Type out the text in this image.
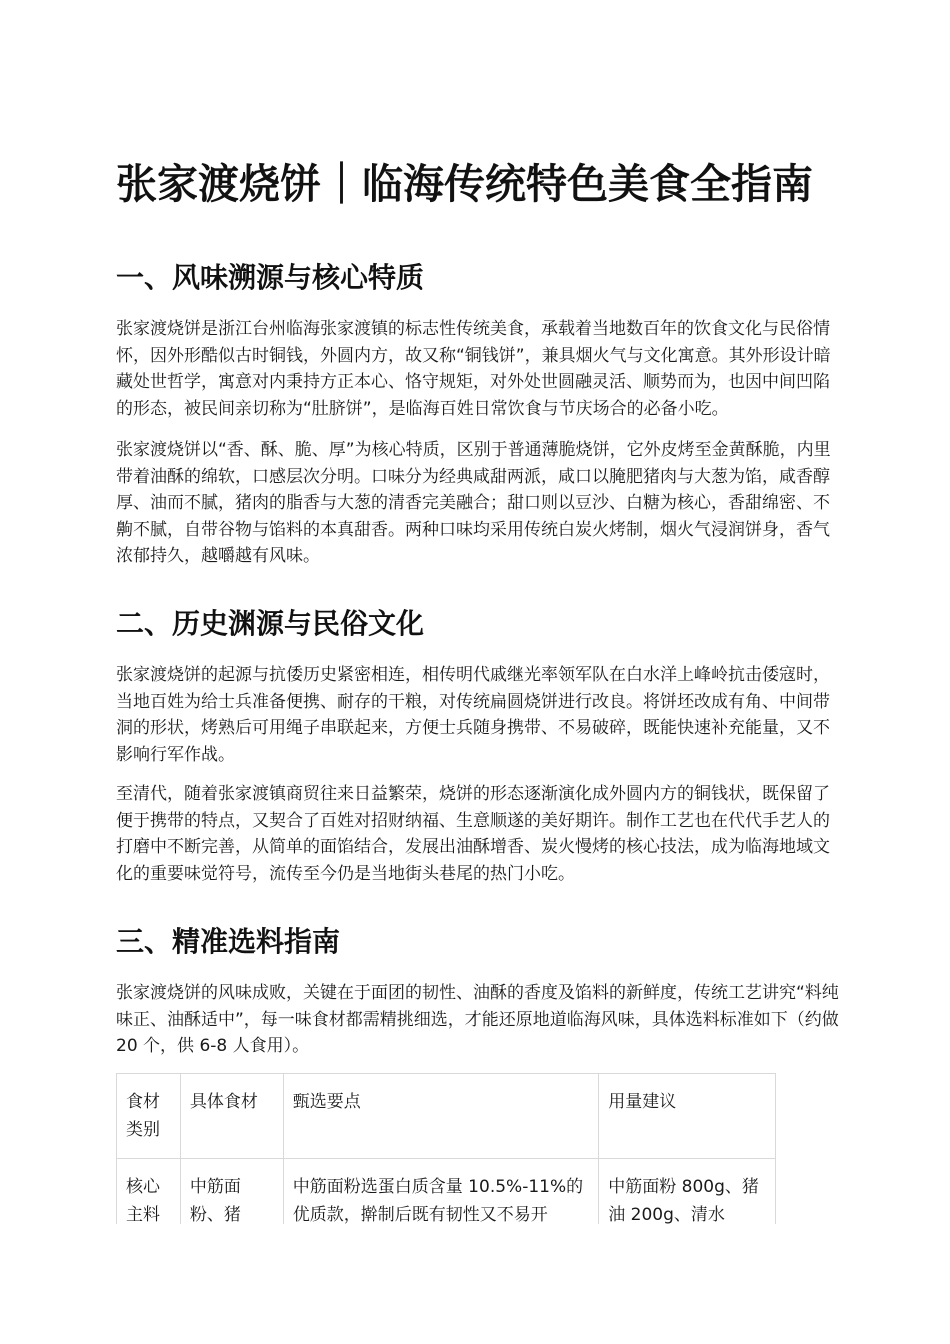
张家渡烧饼｜临海传统特色美食全指南
一、风味溯源与核心特质

张家渡烧饼是浙江台州临海张家渡镇的标志性传统美食，承载着当地数百年的饮食文化与民俗情怀，因外形酷似古时铜钱，外圆内方，故又称“铜钱饼”，兼具烟火气与文化寓意。其外形设计暗藏处世哲学，寓意对内秉持方正本心、恪守规矩，对外处世圆融灵活、顺势而为，也因中间凹陷的形态，被民间亲切称为“肚脐饼”，是临海百姓日常饮食与节庆场合的必备小吃。

张家渡烧饼以“香、酥、脆、厚”为核心特质，区别于普通薄脆烧饼，它外皮烤至金黄酥脆，内里带着油酥的绵软，口感层次分明。口味分为经典咸甜两派，咸口以腌肥猪肉与大葱为馅，咸香醇厚、油而不腻，猪肉的脂香与大葱的清香完美融合；甜口则以豆沙、白糖为核心，香甜绵密、不齁不腻，自带谷物与馅料的本真甜香。两种口味均采用传统白炭火烤制，烟火气浸润饼身，香气浓郁持久，越嚼越有风味。

二、历史渊源与民俗文化

张家渡烧饼的起源与抗倭历史紧密相连，相传明代戚继光率领军队在白水洋上峰岭抗击倭寇时，当地百姓为给士兵准备便携、耐存的干粮，对传统扁圆烧饼进行改良。将饼坯改成有角、中间带洞的形状，烤熟后可用绳子串联起来，方便士兵随身携带、不易破碎，既能快速补充能量，又不影响行军作战。

至清代，随着张家渡镇商贸往来日益繁荣，烧饼的形态逐渐演化成外圆内方的铜钱状，既保留了便于携带的特点，又契合了百姓对招财纳福、生意顺遂的美好期许。制作工艺也在代代手艺人的打磨中不断完善，从简单的面馅结合，发展出油酥增香、炭火慢烤的核心技法，成为临海地域文化的重要味觉符号，流传至今仍是当地街头巷尾的热门小吃。

三、精准选料指南

张家渡烧饼的风味成败，关键在于面团的韧性、油酥的香度及馅料的新鲜度，传统工艺讲究“料纯味正、油酥适中”，每一味食材都需精挑细选，才能还原地道临海风味，具体选料标准如下（约做 20 个，供 6-8 人食用）。

食材类别	具体食材	甄选要点	用量建议
核心主料	中筋面粉、猪	中筋面粉选蛋白质含量 10.5%-11%的优质款，擀制后既有韧性又不易开	中筋面粉 800g、猪油 200g、清水
